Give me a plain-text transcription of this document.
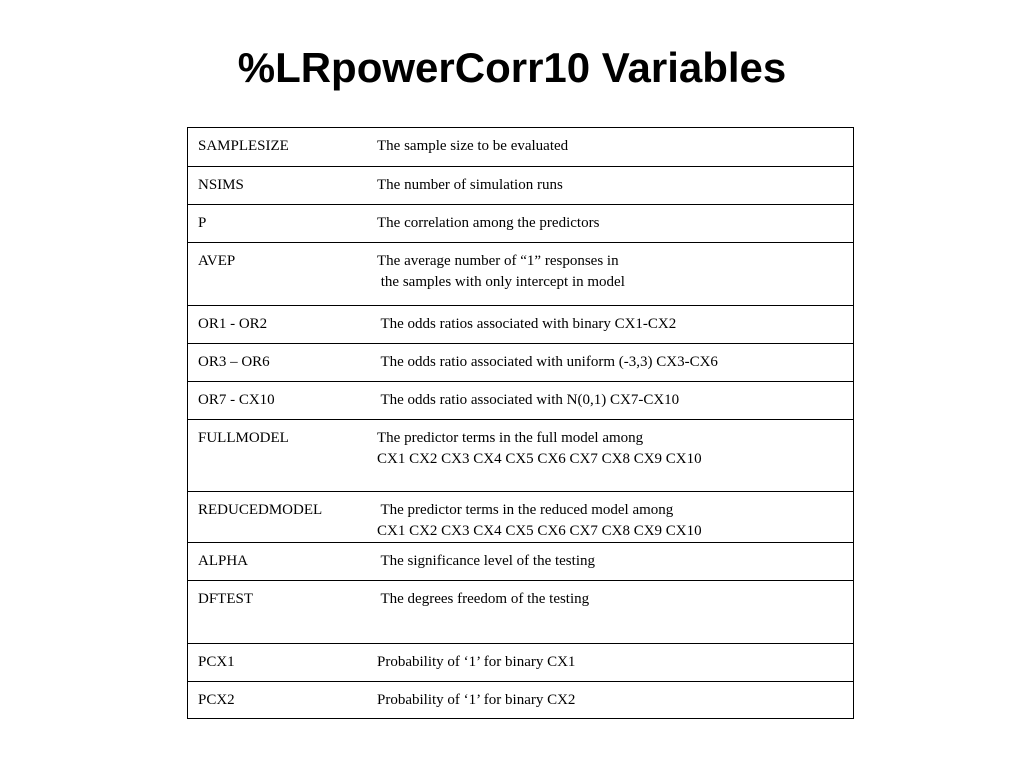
%LRpowerCorr10 Variables
SAMPLESIZE	The sample size to be evaluated
NSIMS	The number of simulation runs
P	The correlation among the predictors
AVEP	The average number of “1” responses in
the samples with only intercept in model
OR1 - OR2	The odds ratios associated with binary CX1-CX2
OR3 – OR6	The odds ratio associated with uniform (-3,3) CX3-CX6
OR7 - CX10	The odds ratio associated with N(0,1) CX7-CX10
FULLMODEL	The predictor terms in the full model among
CX1 CX2 CX3 CX4 CX5 CX6 CX7 CX8 CX9 CX10
REDUCEDMODEL	The predictor terms in the reduced model among
CX1 CX2 CX3 CX4 CX5 CX6 CX7 CX8 CX9 CX10
ALPHA	The significance level of the testing
DFTEST	The degrees freedom of the testing
PCX1	Probability of ‘1’ for binary CX1
PCX2	Probability of ‘1’ for binary CX2
